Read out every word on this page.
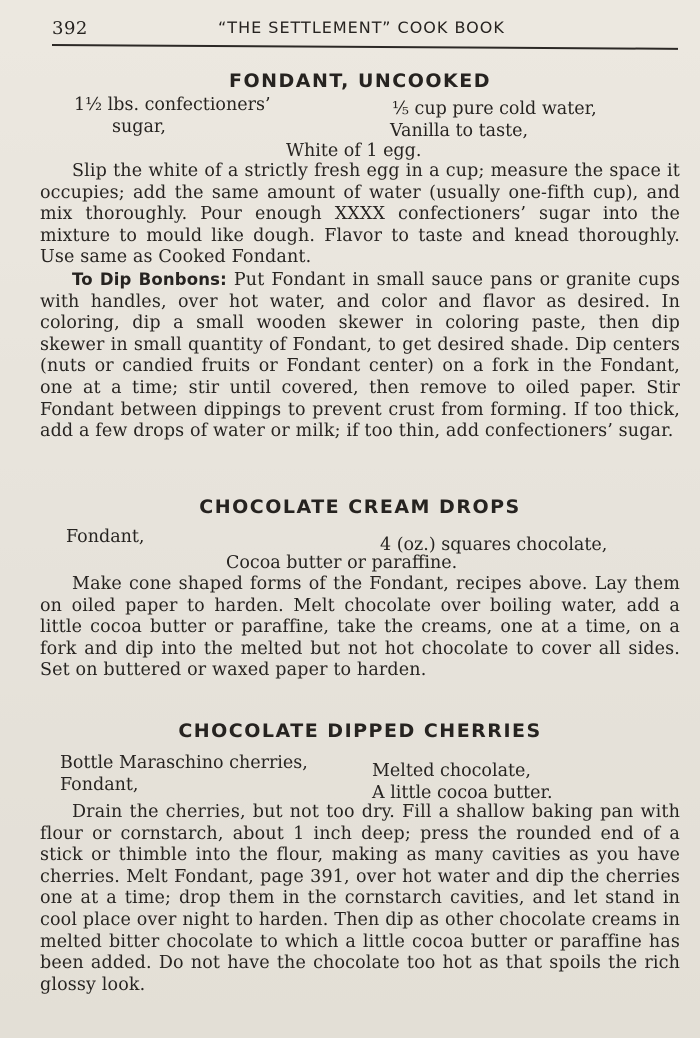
392	“THE SETTLEMENT” COOK BOOK
FONDANT, UNCOOKED
1½ lbs. confectioners’
sugar,
⅕ cup pure cold water,
Vanilla to taste,
White of 1 egg.

Slip the white of a strictly fresh egg in a cup; measure the space it occupies; add the same amount of water (usually one-fifth cup), and mix thoroughly. Pour enough XXXX confectioners’ sugar into the mixture to mould like dough. Flavor to taste and knead thoroughly. Use same as Cooked Fondant.

To Dip Bonbons: Put Fondant in small sauce pans or granite cups with handles, over hot water, and color and flavor as desired. In coloring, dip a small wooden skewer in coloring paste, then dip skewer in small quantity of Fondant, to get desired shade. Dip centers (nuts or candied fruits or Fondant center) on a fork in the Fondant, one at a time; stir until covered, then remove to oiled paper. Stir Fondant between dippings to prevent crust from forming. If too thick, add a few drops of water or milk; if too thin, add confectioners’ sugar.

CHOCOLATE CREAM DROPS
Fondant,	4 (oz.) squares chocolate,
Cocoa butter or paraffine.

Make cone shaped forms of the Fondant, recipes above. Lay them on oiled paper to harden. Melt chocolate over boiling water, add a little cocoa butter or paraffine, take the creams, one at a time, on a fork and dip into the melted but not hot chocolate to cover all sides. Set on buttered or waxed paper to harden.

CHOCOLATE DIPPED CHERRIES
Bottle Maraschino cherries,
Fondant,
Melted chocolate,
A little cocoa butter.

Drain the cherries, but not too dry. Fill a shallow baking pan with flour or cornstarch, about 1 inch deep; press the rounded end of a stick or thimble into the flour, making as many cavities as you have cherries. Melt Fondant, page 391, over hot water and dip the cherries one at a time; drop them in the cornstarch cavities, and let stand in cool place over night to harden. Then dip as other chocolate creams in melted bitter chocolate to which a little cocoa butter or paraffine has been added. Do not have the chocolate too hot as that spoils the rich glossy look.
